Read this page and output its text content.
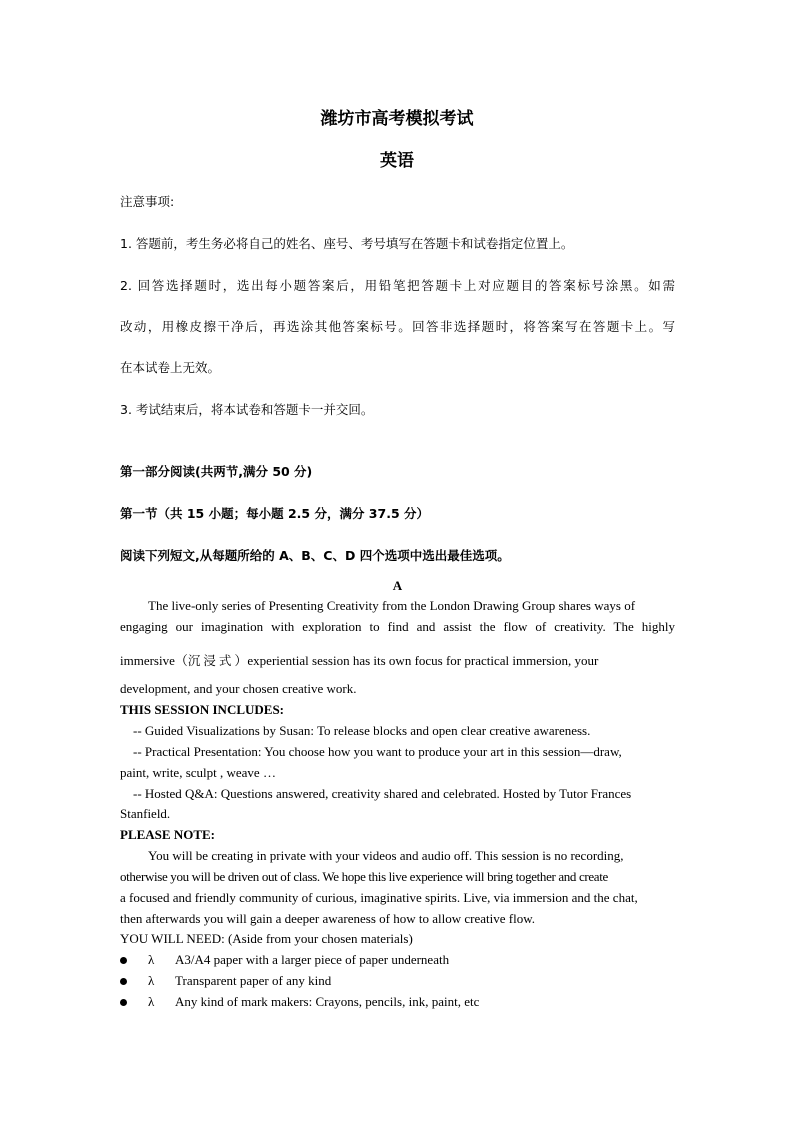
潍坊市高考模拟考试
英语
注意事项:
1. 答题前，考生务必将自己的姓名、座号、考号填写在答题卡和试卷指定位置上。
2. 回答选择题时，选出每小题答案后，用铅笔把答题卡上对应题目的答案标号涂黑。如需
改动，用橡皮擦干净后，再选涂其他答案标号。回答非选择题时，将答案写在答题卡上。写
在本试卷上无效。
3. 考试结束后，将本试卷和答题卡一并交回。
第一部分阅读(共两节,满分 50 分)
第一节（共 15 小题；每小题 2.5 分，满分 37.5 分）
阅读下列短文,从每题所给的 A、B、C、D 四个选项中选出最佳选项。
A
The live-only series of Presenting Creativity from the London Drawing Group shares ways of
engaging our imagination with exploration to find and assist the flow of creativity. The highly
immersive（沉浸式）experiential session has its own focus for practical immersion, your
development, and your chosen creative work.
THIS SESSION INCLUDES:
-- Guided Visualizations by Susan: To release blocks and open clear creative awareness.
-- Practical Presentation: You choose how you want to produce your art in this session—draw,
paint, write, sculpt , weave …
-- Hosted Q&A: Questions answered, creativity shared and celebrated. Hosted by Tutor Frances
Stanfield.
PLEASE NOTE:
You will be creating in private with your videos and audio off. This session is no recording,
otherwise you will be driven out of class. We hope this live experience will bring together and create
a focused and friendly community of curious, imaginative spirits. Live, via immersion and the chat,
then afterwards you will gain a deeper awareness of how to allow creative flow.
YOU WILL NEED: (Aside from your chosen materials)
λ A3/A4 paper with a larger piece of paper underneath
λ Transparent paper of any kind
λ Any kind of mark makers: Crayons, pencils, ink, paint, etc
